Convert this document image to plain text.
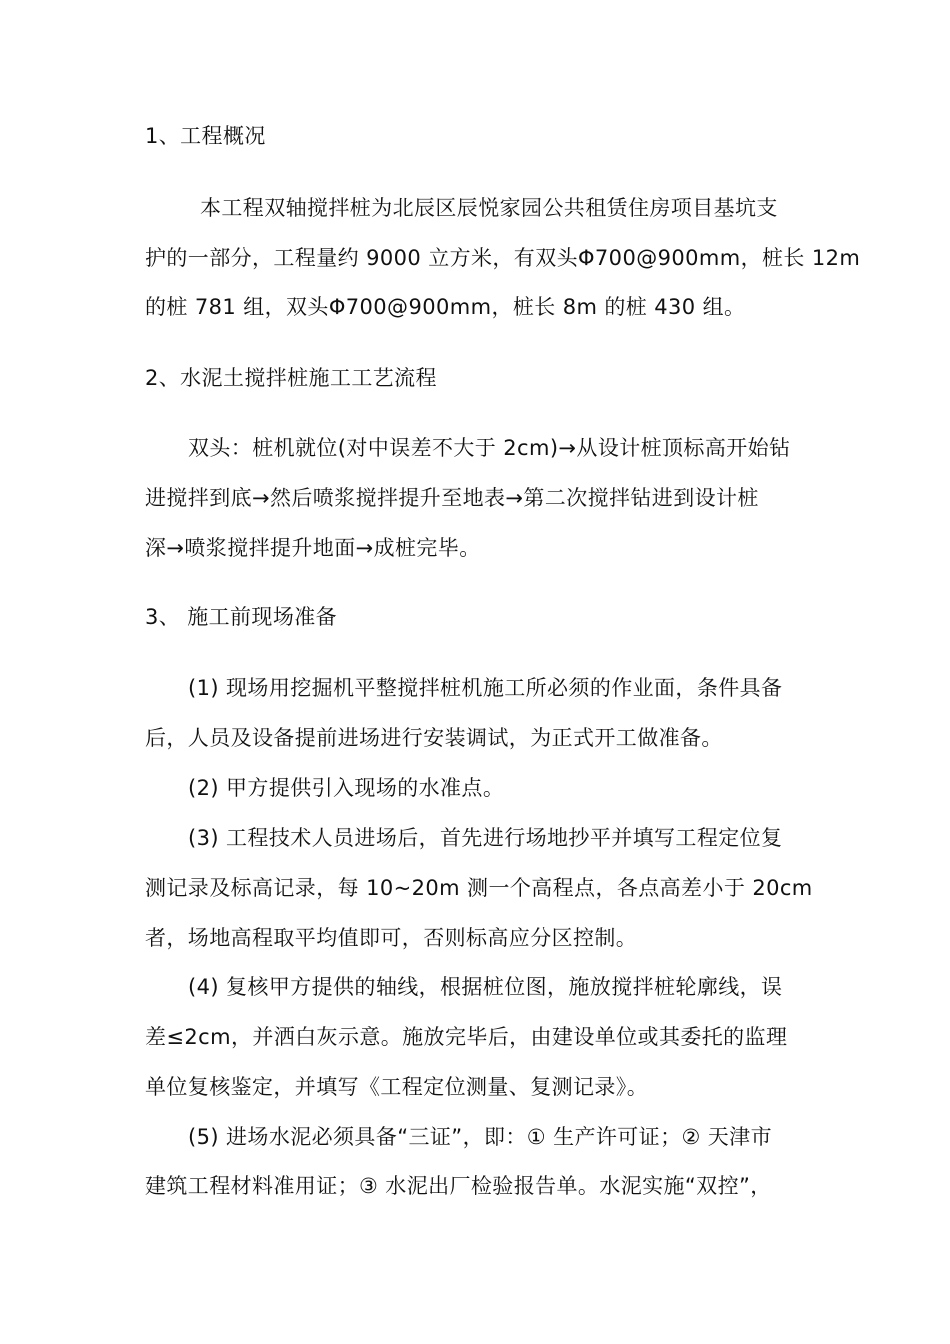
1、工程概况
本工程双轴搅拌桩为北辰区辰悦家园公共租赁住房项目基坑支
护的一部分，工程量约 9000 立方米，有双头Φ700@900mm，桩长 12m
的桩 781 组，双头Φ700@900mm，桩长 8m 的桩 430 组。
2、水泥土搅拌桩施工工艺流程
双头：桩机就位(对中误差不大于 2cm)→从设计桩顶标高开始钻
进搅拌到底→然后喷浆搅拌提升至地表→第二次搅拌钻进到设计桩
深→喷浆搅拌提升地面→成桩完毕。
3、 施工前现场准备
(1) 现场用挖掘机平整搅拌桩机施工所必须的作业面，条件具备
后，人员及设备提前进场进行安装调试，为正式开工做准备。
(2) 甲方提供引入现场的水准点。
(3) 工程技术人员进场后，首先进行场地抄平并填写工程定位复
测记录及标高记录，每 10~20m 测一个高程点，各点高差小于 20cm
者，场地高程取平均值即可，否则标高应分区控制。
(4) 复核甲方提供的轴线，根据桩位图，施放搅拌桩轮廓线，误
差≤2cm，并洒白灰示意。施放完毕后，由建设单位或其委托的监理
单位复核鉴定，并填写《工程定位测量、复测记录》。
(5) 进场水泥必须具备“三证”，即：① 生产许可证；② 天津市
建筑工程材料准用证；③ 水泥出厂检验报告单。水泥实施“双控”，
